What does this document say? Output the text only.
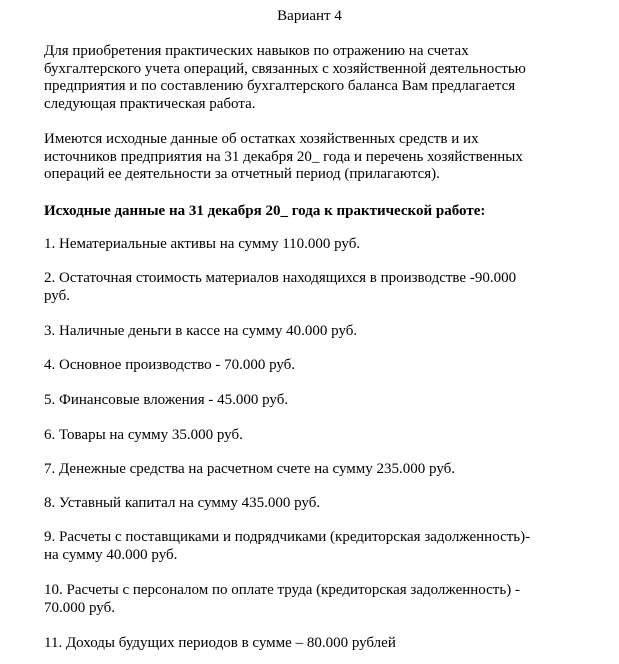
Вариант 4

Для приобретения практических навыков по отражению на счетах
бухгалтерского учета операций, связанных с хозяйственной деятельностью
предприятия и по составлению бухгалтерского баланса Вам предлагается
следующая практическая работа.

Имеются исходные данные об остатках хозяйственных средств и их
источников предприятия на 31 декабря 20_ года и перечень хозяйственных
операций ее деятельности за отчетный период (прилагаются).

Исходные данные на 31 декабря 20_ года к практической работе:

1. Нематериальные активы на сумму 110.000 руб.

2. Остаточная стоимость материалов находящихся в производстве -90.000
руб.

3. Наличные деньги в кассе на сумму 40.000 руб.

4. Основное производство - 70.000 руб.

5. Финансовые вложения - 45.000 руб.

6. Товары на сумму 35.000 руб.

7. Денежные средства на расчетном счете на сумму 235.000 руб.

8. Уставный капитал на сумму 435.000 руб.

9. Расчеты с поставщиками и подрядчиками (кредиторская задолженность)-
на сумму 40.000 руб.

10. Расчеты с персоналом по оплате труда (кредиторская задолженность) -
70.000 руб.

11. Доходы будущих периодов в сумме – 80.000 рублей
